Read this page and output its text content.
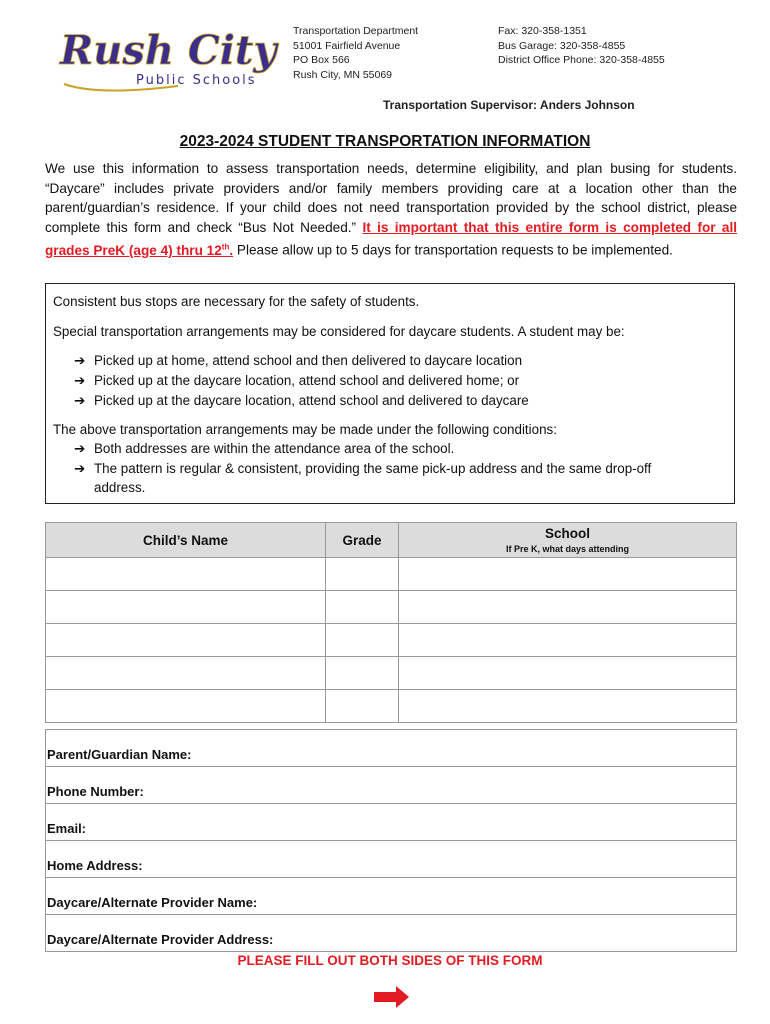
Rush City
Public Schools
Transportation Department
51001 Fairfield Avenue
PO Box 566
Rush City, MN 55069
Fax: 320-358-1351
Bus Garage: 320-358-4855
District Office Phone: 320-358-4855
Transportation Supervisor: Anders Johnson
2023-2024 STUDENT TRANSPORTATION INFORMATION
We use this information to assess transportation needs, determine eligibility, and plan busing for students. “Daycare” includes private providers and/or family members providing care at a location other than the parent/guardian’s residence. If your child does not need transportation provided by the school district, please complete this form and check “Bus Not Needed.” It is important that this entire form is completed for all grades PreK (age 4) thru 12th. Please allow up to 5 days for transportation requests to be implemented.
Consistent bus stops are necessary for the safety of students.
Special transportation arrangements may be considered for daycare students. A student may be:
➔ Picked up at home, attend school and then delivered to daycare location
➔ Picked up at the daycare location, attend school and delivered home; or
➔ Picked up at the daycare location, attend school and delivered to daycare
The above transportation arrangements may be made under the following conditions:
➔ Both addresses are within the attendance area of the school.
➔ The pattern is regular & consistent, providing the same pick-up address and the same drop-off
address.
Child’s Name	Grade	School
If Pre K, what days attending

Parent/Guardian Name:
Phone Number:
Email:
Home Address:
Daycare/Alternate Provider Name:
Daycare/Alternate Provider Address:
PLEASE FILL OUT BOTH SIDES OF THIS FORM
